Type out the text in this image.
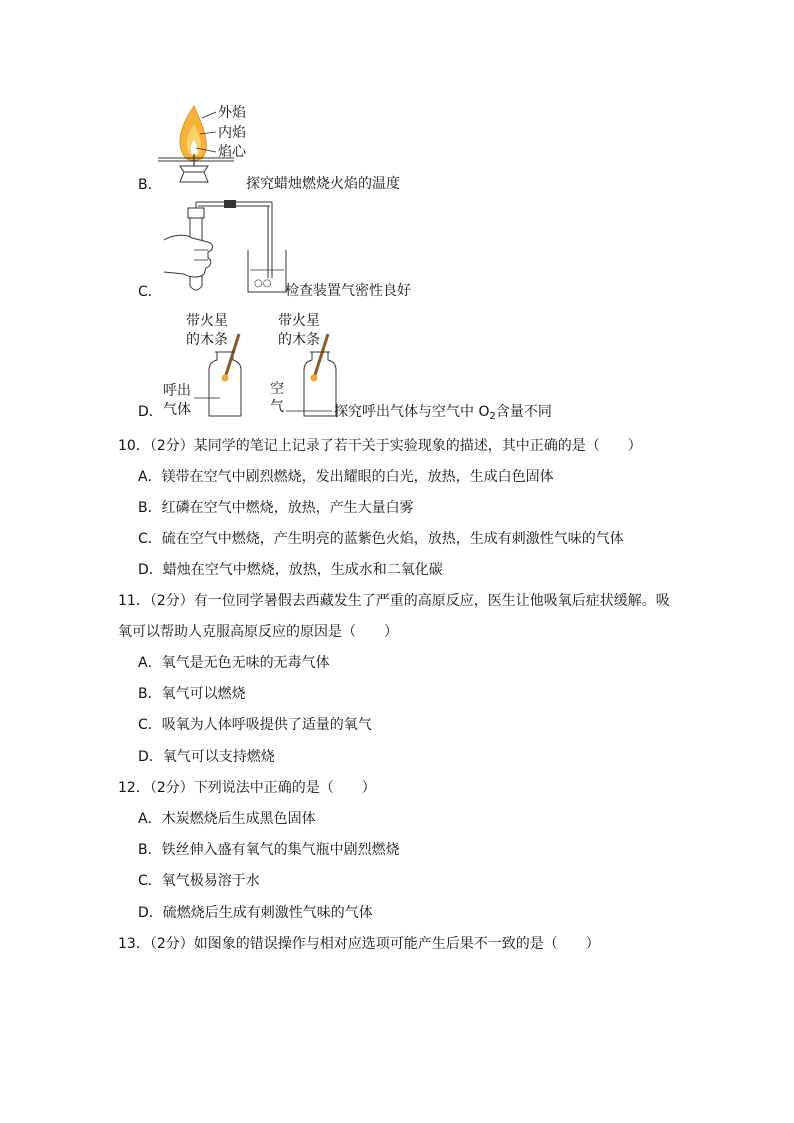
外焰
内焰
焰心
B．	探究蜡烛燃烧火焰的温度
○○
C．	检查装置气密性良好
带火星
的木条
带火星
的木条
呼出
气体
空
气
D．	探究呼出气体与空气中 $O_2$含量不同
10．（2分）某同学的笔记上记录了若干关于实验现象的描述，其中正确的是（　　）
A．镁带在空气中剧烈燃烧，发出耀眼的白光，放热，生成白色固体
B．红磷在空气中燃烧，放热，产生大量白雾
C．硫在空气中燃烧，产生明亮的蓝紫色火焰，放热，生成有刺激性气味的气体
D．蜡烛在空气中燃烧，放热，生成水和二氧化碳
11．（2分）有一位同学暑假去西藏发生了严重的高原反应，医生让他吸氧后症状缓解。吸
氧可以帮助人克服高原反应的原因是（　　）
A．氧气是无色无味的无毒气体
B．氧气可以燃烧
C．吸氧为人体呼吸提供了适量的氧气
D．氧气可以支持燃烧
12．（2分）下列说法中正确的是（　　）
A．木炭燃烧后生成黑色固体
B．铁丝伸入盛有氧气的集气瓶中剧烈燃烧
C．氧气极易溶于水
D．硫燃烧后生成有刺激性气味的气体
13．（2分）如图象的错误操作与相对应选项可能产生后果不一致的是（　　）
